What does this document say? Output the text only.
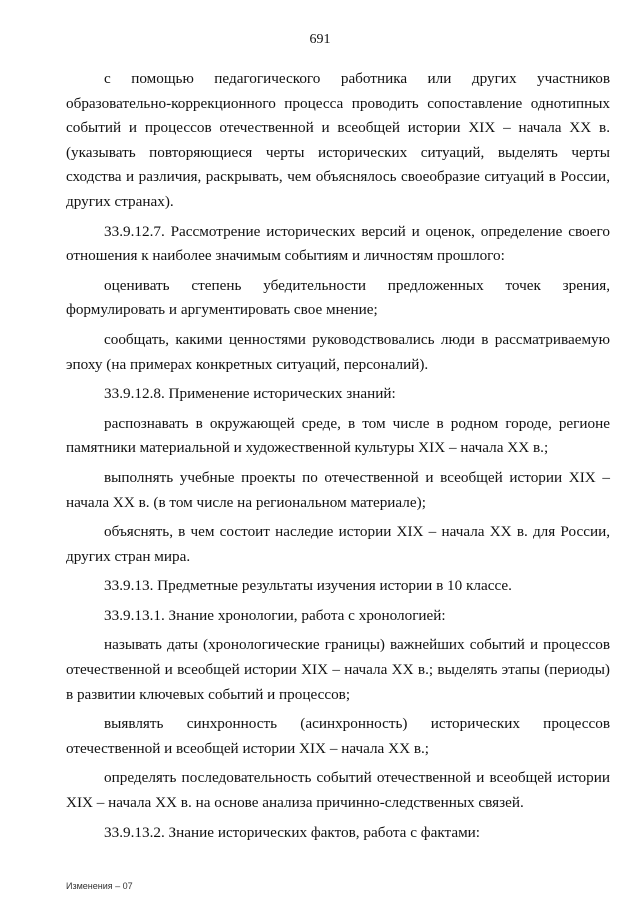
691

с помощью педагогического работника или других участников образовательно-коррекционного процесса проводить сопоставление однотипных событий и процессов отечественной и всеобщей истории XIX – начала XX в. (указывать повторяющиеся черты исторических ситуаций, выделять черты сходства и различия, раскрывать, чем объяснялось своеобразие ситуаций в России, других странах).

33.9.12.7. Рассмотрение исторических версий и оценок, определение своего отношения к наиболее значимым событиям и личностям прошлого:

оценивать степень убедительности предложенных точек зрения, формулировать и аргументировать свое мнение;

сообщать, какими ценностями руководствовались люди в рассматриваемую эпоху (на примерах конкретных ситуаций, персоналий).

33.9.12.8. Применение исторических знаний:

распознавать в окружающей среде, в том числе в родном городе, регионе памятники материальной и художественной культуры XIX – начала XX в.;

выполнять учебные проекты по отечественной и всеобщей истории XIX – начала XX в. (в том числе на региональном материале);

объяснять, в чем состоит наследие истории XIX – начала XX в. для России, других стран мира.

33.9.13. Предметные результаты изучения истории в 10 классе.

33.9.13.1. Знание хронологии, работа с хронологией:

называть даты (хронологические границы) важнейших событий и процессов отечественной и всеобщей истории XIX – начала XX в.; выделять этапы (периоды) в развитии ключевых событий и процессов;

выявлять синхронность (асинхронность) исторических процессов отечественной и всеобщей истории XIX – начала XX в.;

определять последовательность событий отечественной и всеобщей истории XIX – начала XX в. на основе анализа причинно-следственных связей.

33.9.13.2. Знание исторических фактов, работа с фактами:

Изменения – 07
